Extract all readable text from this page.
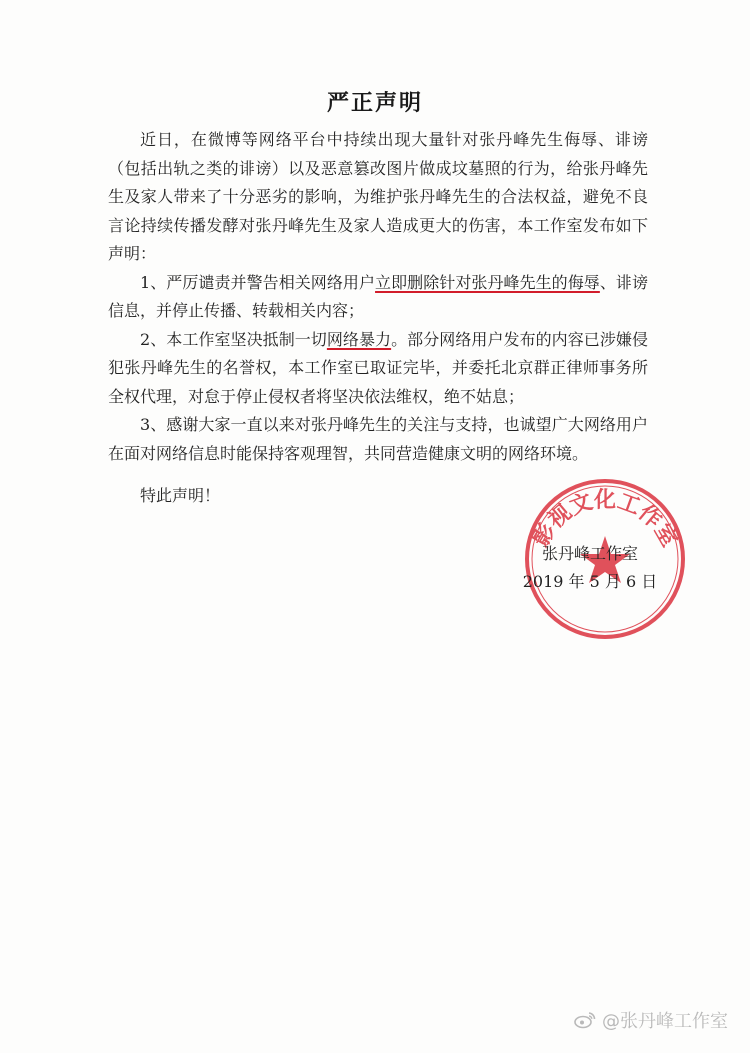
严正声明

近日，在微博等网络平台中持续出现大量针对张丹峰先生侮辱、诽谤（包括出轨之类的诽谤）以及恶意篡改图片做成坟墓照的行为，给张丹峰先生及家人带来了十分恶劣的影响，为维护张丹峰先生的合法权益，避免不良言论持续传播发酵对张丹峰先生及家人造成更大的伤害，本工作室发布如下声明：

1、严厉谴责并警告相关网络用户立即删除针对张丹峰先生的侮辱、诽谤信息，并停止传播、转载相关内容；

2、本工作室坚决抵制一切网络暴力。部分网络用户发布的内容已涉嫌侵犯张丹峰先生的名誉权，本工作室已取证完毕，并委托北京群正律师事务所全权代理，对怠于停止侵权者将坚决依法维权，绝不姑息；

3、感谢大家一直以来对张丹峰先生的关注与支持，也诚望广大网络用户在面对网络信息时能保持客观理智，共同营造健康文明的网络环境。

特此声明！
影视文化工作室
张丹峰工作室
2019 年 5 月 6 日
@张丹峰工作室
